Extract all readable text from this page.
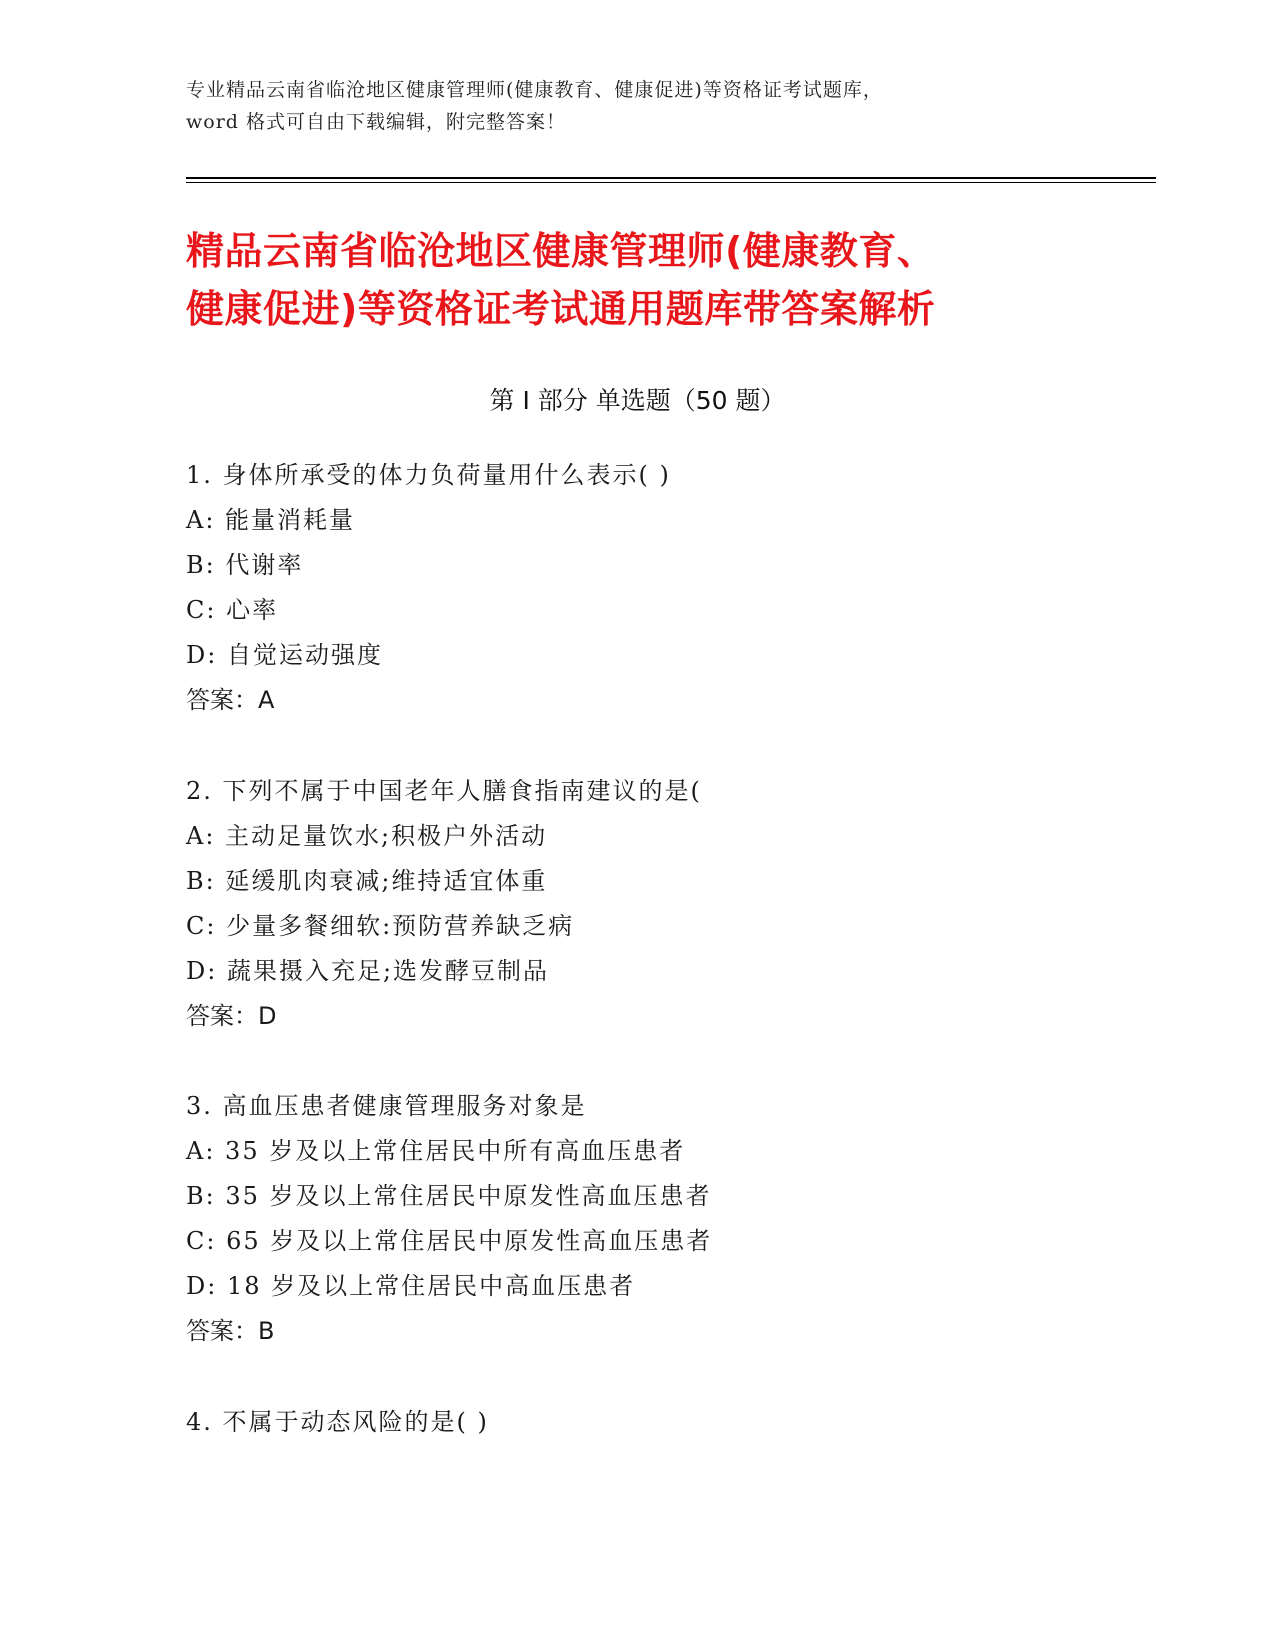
专业精品云南省临沧地区健康管理师(健康教育、健康促进)等资格证考试题库，
word 格式可自由下载编辑，附完整答案！
精品云南省临沧地区健康管理师(健康教育、
健康促进)等资格证考试通用题库带答案解析
第 I 部分 单选题（50 题）
1. 身体所承受的体力负荷量用什么表示( )
A: 能量消耗量
B: 代谢率
C: 心率
D: 自觉运动强度
答案：A
2. 下列不属于中国老年人膳食指南建议的是(
A: 主动足量饮水;积极户外活动
B: 延缓肌肉衰减;维持适宜体重
C: 少量多餐细软:预防营养缺乏病
D: 蔬果摄入充足;选发酵豆制品
答案：D
3. 高血压患者健康管理服务对象是
A: 35 岁及以上常住居民中所有高血压患者
B: 35 岁及以上常住居民中原发性高血压患者
C: 65 岁及以上常住居民中原发性高血压患者
D: 18 岁及以上常住居民中高血压患者
答案：B
4. 不属于动态风险的是( )
